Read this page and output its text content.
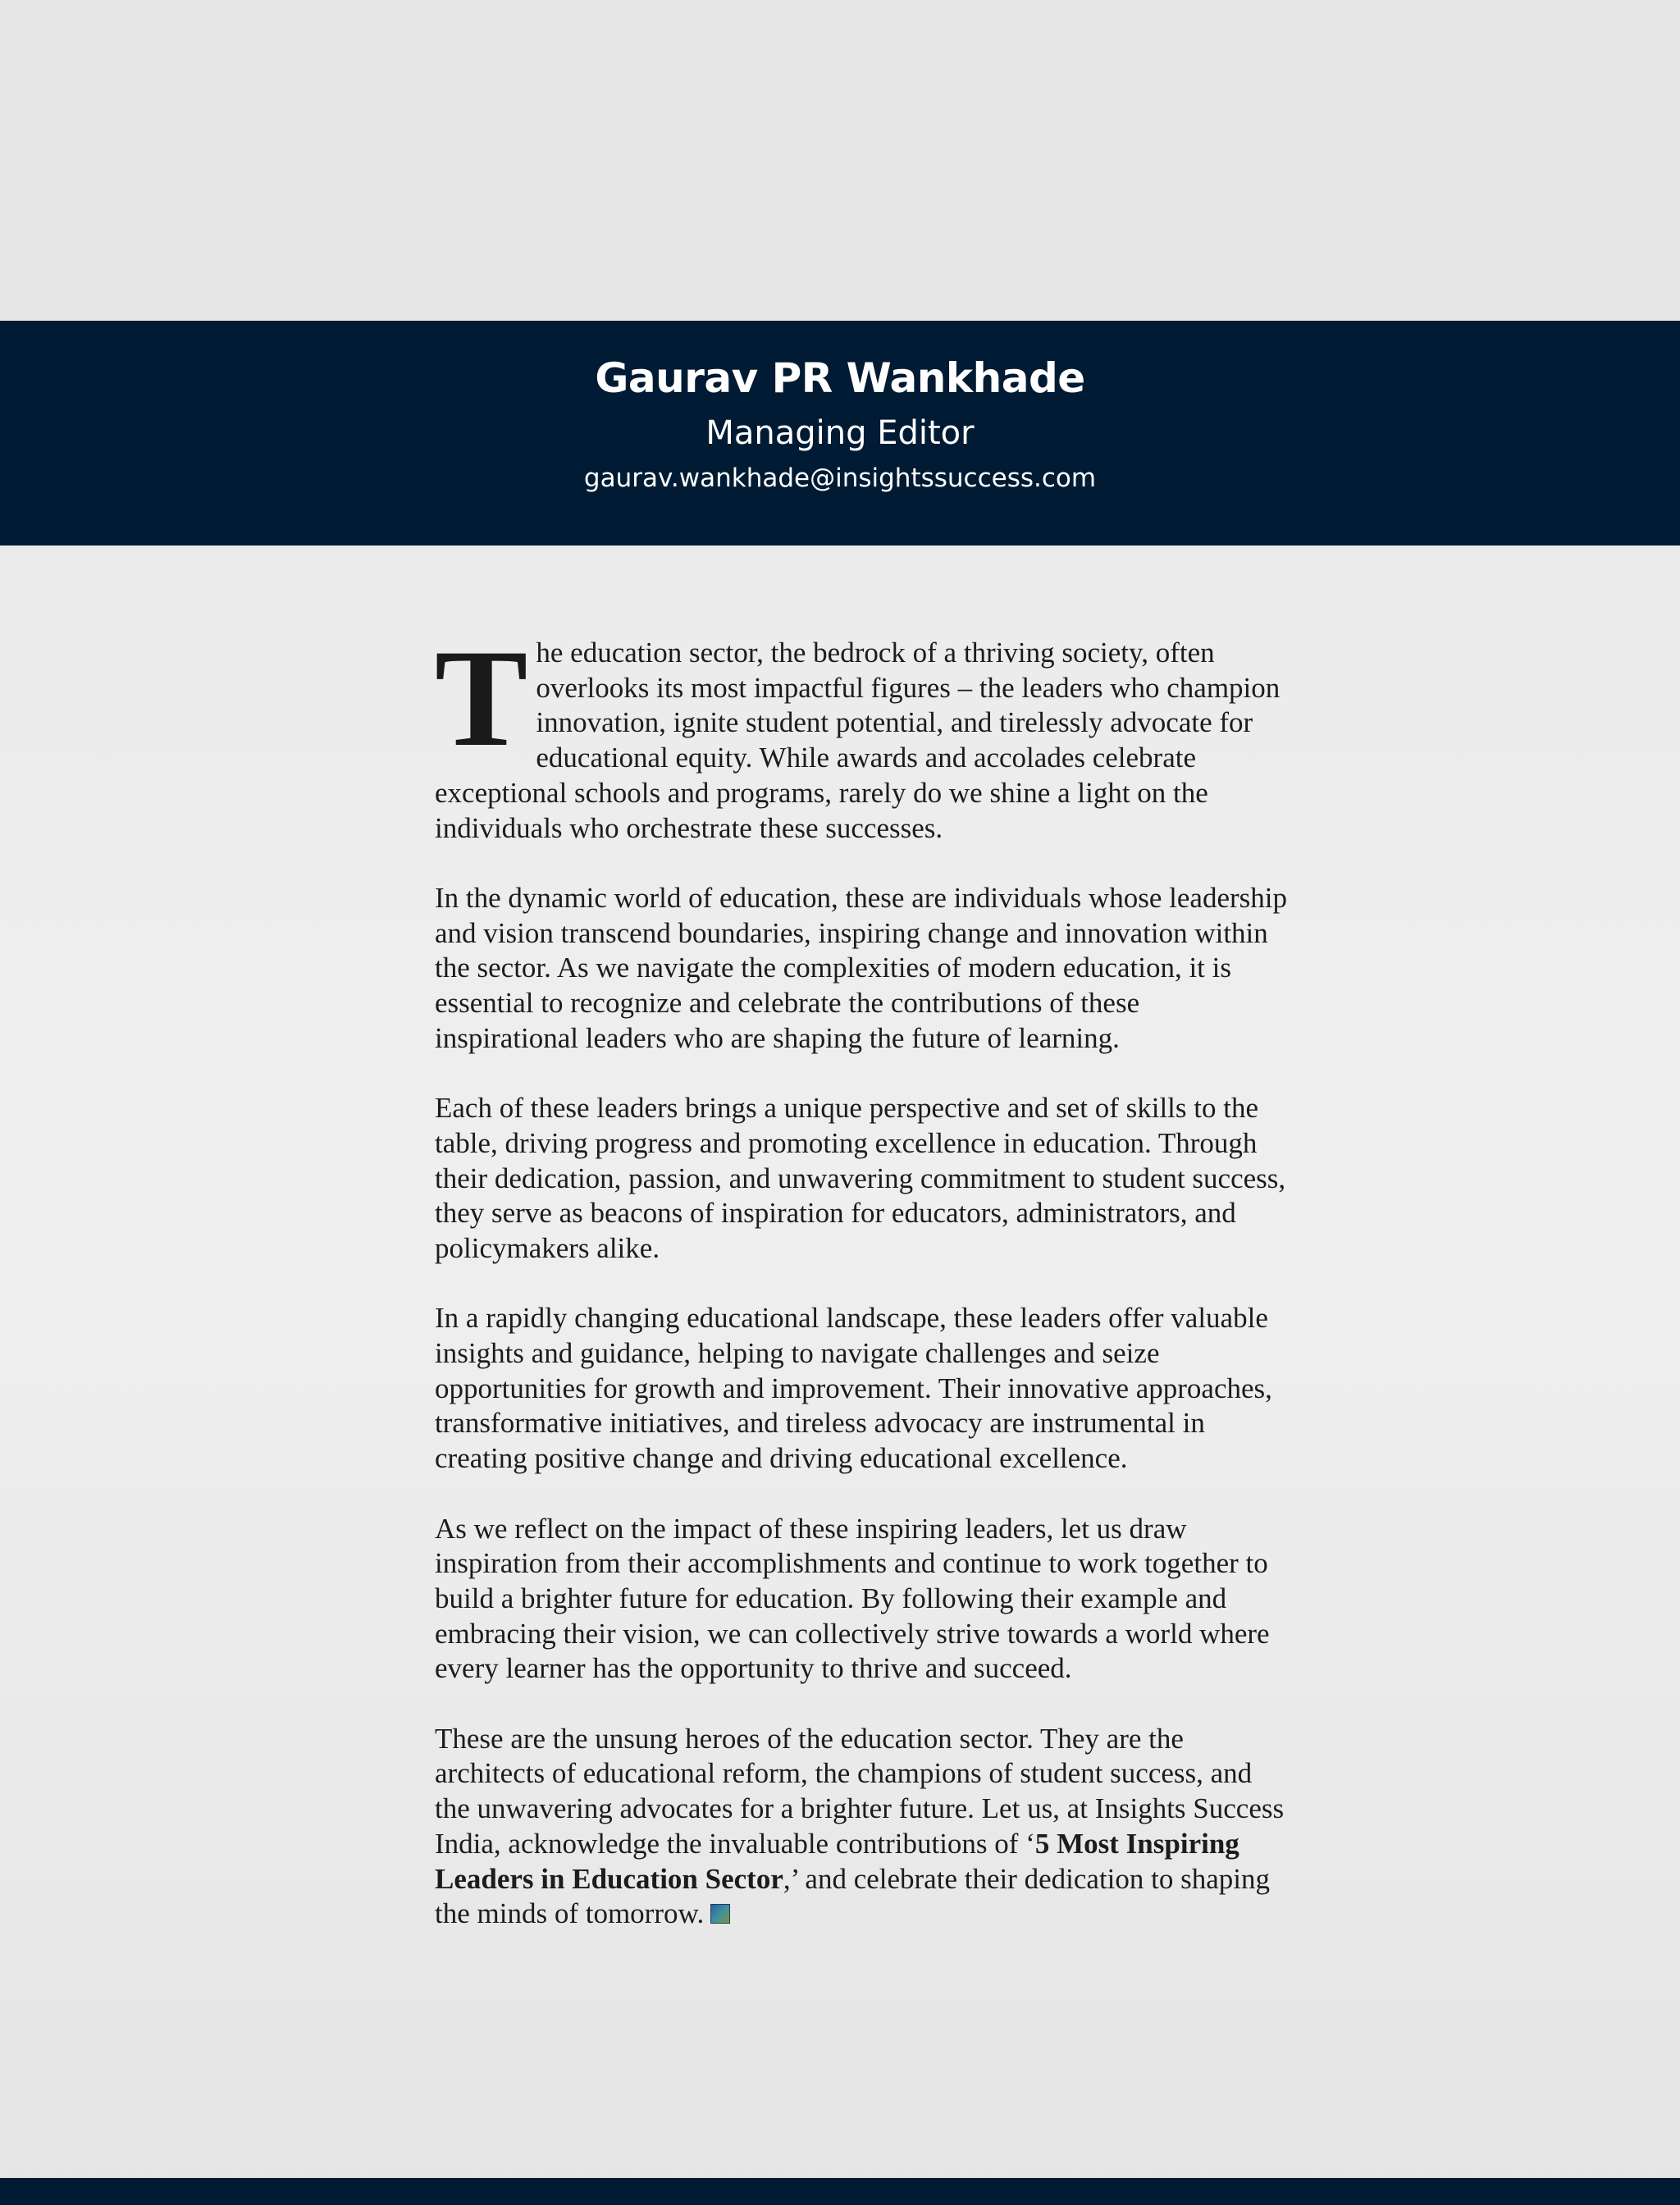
Gaurav PR Wankhade
Managing Editor
gaurav.wankhade@insightssuccess.com

The education sector, the bedrock of a thriving society, often overlooks its most impactful figures – the leaders who champion innovation, ignite student potential, and tirelessly advocate for educational equity. While awards and accolades celebrate exceptional schools and programs, rarely do we shine a light on the individuals who orchestrate these successes.

In the dynamic world of education, these are individuals whose leadership and vision transcend boundaries, inspiring change and innovation within the sector. As we navigate the complexities of modern education, it is essential to recognize and celebrate the contributions of these inspirational leaders who are shaping the future of learning.

Each of these leaders brings a unique perspective and set of skills to the table, driving progress and promoting excellence in education. Through their dedication, passion, and unwavering commitment to student success, they serve as beacons of inspiration for educators, administrators, and policymakers alike.

In a rapidly changing educational landscape, these leaders offer valuable insights and guidance, helping to navigate challenges and seize opportunities for growth and improvement. Their innovative approaches, transformative initiatives, and tireless advocacy are instrumental in creating positive change and driving educational excellence.

As we reflect on the impact of these inspiring leaders, let us draw inspiration from their accomplishments and continue to work together to build a brighter future for education. By following their example and embracing their vision, we can collectively strive towards a world where every learner has the opportunity to thrive and succeed.

These are the unsung heroes of the education sector. They are the architects of educational reform, the champions of student success, and the unwavering advocates for a brighter future. Let us, at Insights Success India, acknowledge the invaluable contributions of ‘5 Most Inspiring Leaders in Education Sector,’ and celebrate their dedication to shaping the minds of tomorrow.
